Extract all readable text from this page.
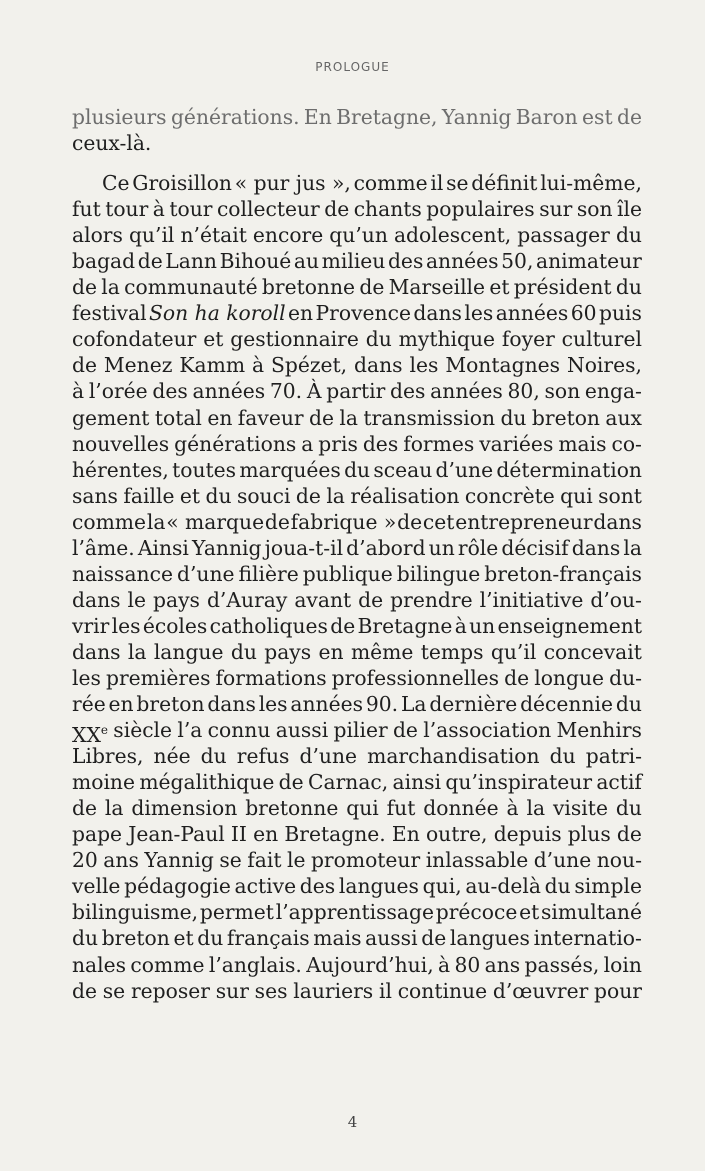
PROLOGUE
plusieurs générations. En Bretagne, Yannig Baron est de
ceux-là.
Ce Groisillon « pur jus », comme il se définit lui-même,
fut tour à tour collecteur de chants populaires sur son île
alors qu’il n’était encore qu’un adolescent, passager du
bagad de Lann Bihoué au milieu des années 50, animateur
de la communauté bretonne de Marseille et président du
festival Son ha koroll en Provence dans les années 60 puis
cofondateur et gestionnaire du mythique foyer culturel
de Menez Kamm à Spézet, dans les Montagnes Noires,
à l’orée des années 70. À partir des années 80, son enga-
gement total en faveur de la transmission du breton aux
nouvelles générations a pris des formes variées mais co-
hérentes, toutes marquées du sceau d’une détermination
sans faille et du souci de la réalisation concrète qui sont
comme la « marque de fabrique » de cet entrepreneur dans
l’âme. Ainsi Yannig joua-t-il d’abord un rôle décisif dans la
naissance d’une filière publique bilingue breton-français
dans le pays d’Auray avant de prendre l’initiative d’ou-
vrir les écoles catholiques de Bretagne à un enseignement
dans la langue du pays en même temps qu’il concevait
les premières formations professionnelles de longue du-
rée en breton dans les années 90. La dernière décennie du
XXe siècle l’a connu aussi pilier de l’association Menhirs
Libres, née du refus d’une marchandisation du patri-
moine mégalithique de Carnac, ainsi qu’inspirateur actif
de la dimension bretonne qui fut donnée à la visite du
pape Jean-Paul II en Bretagne. En outre, depuis plus de
20 ans Yannig se fait le promoteur inlassable d’une nou-
velle pédagogie active des langues qui, au-delà du simple
bilinguisme, permet l’apprentissage précoce et simultané
du breton et du français mais aussi de langues internatio-
nales comme l’anglais. Aujourd’hui, à 80 ans passés, loin
de se reposer sur ses lauriers il continue d’œuvrer pour
4
